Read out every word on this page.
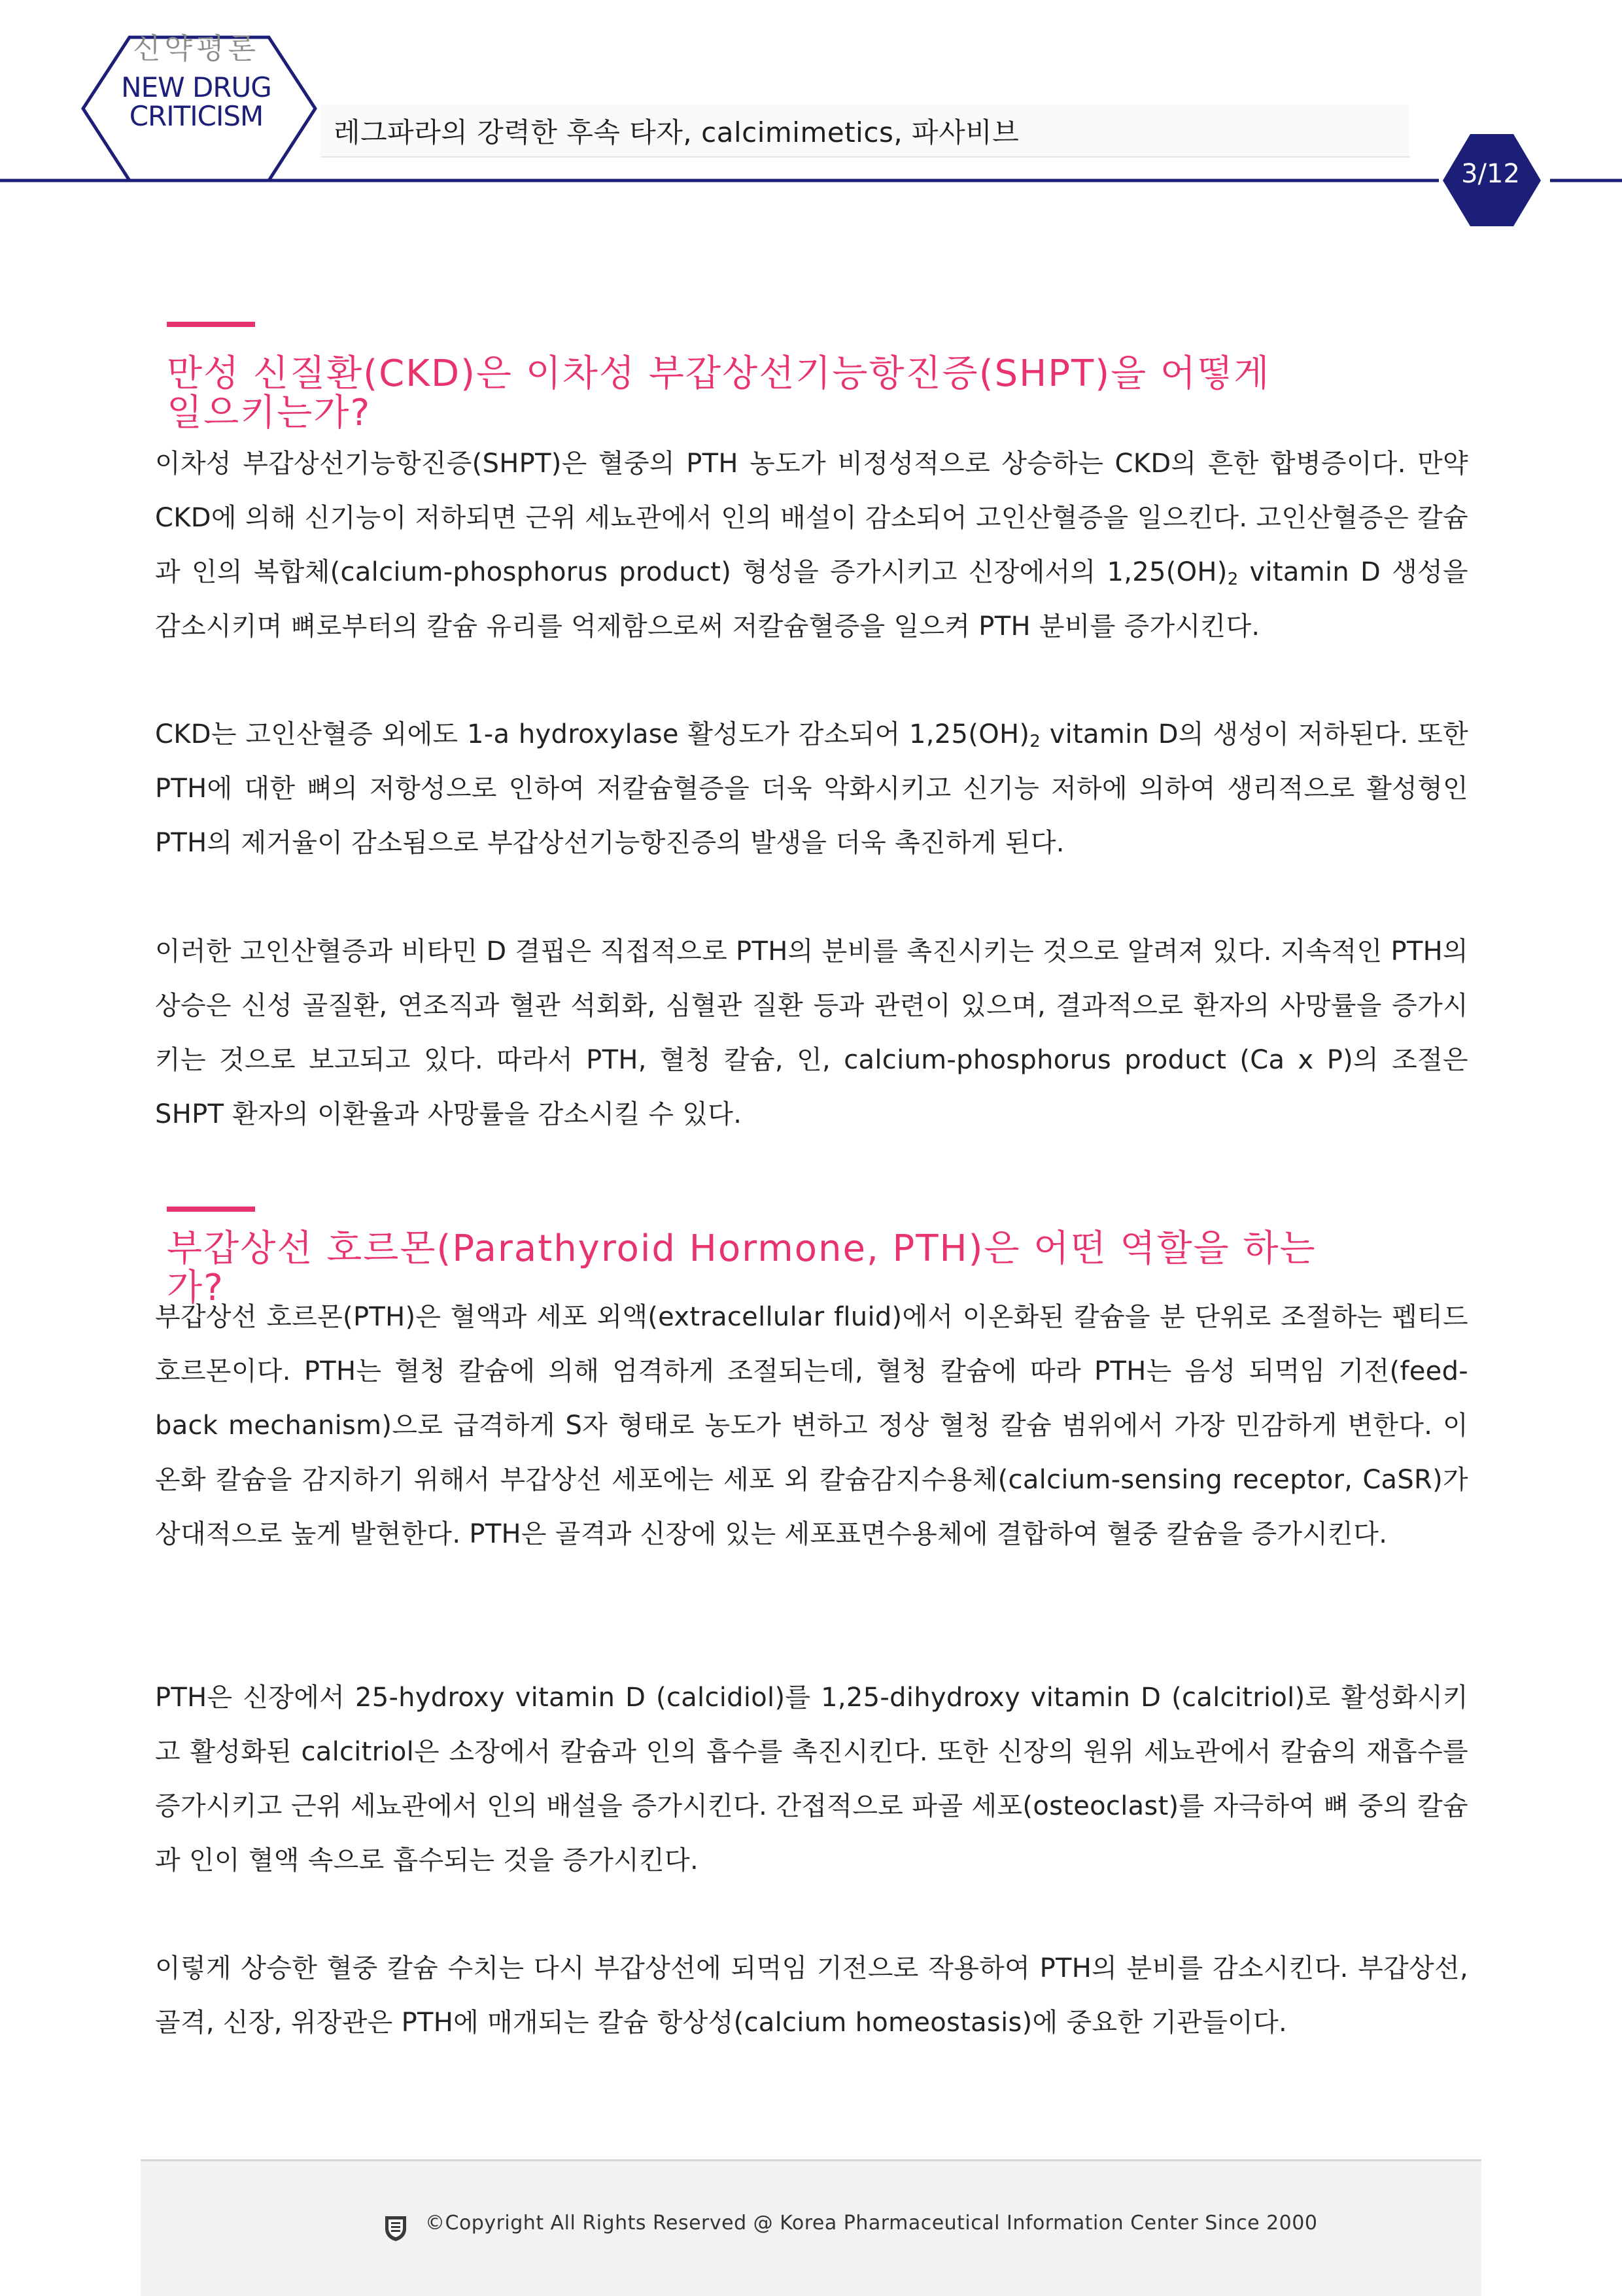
신약평론
NEW DRUG
CRITICISM
레그파라의 강력한 후속 타자, calcimimetics, 파사비브
3/12
만성 신질환(CKD)은 이차성 부갑상선기능항진증(SHPT)을 어떻게 일으키는가?

이차성 부갑상선기능항진증(SHPT)은 혈중의 PTH 농도가 비정성적으로 상승하는 CKD의 흔한 합병증이다. 만약 CKD에 의해 신기능이 저하되면 근위 세뇨관에서 인의 배설이 감소되어 고인산혈증을 일으킨다. 고인산혈증은 칼슘과 인의 복합체(calcium-phosphorus product) 형성을 증가시키고 신장에서의 $1,25(OH)_2$ vitamin D 생성을 감소시키며 뼈로부터의 칼슘 유리를 억제함으로써 저칼슘혈증을 일으켜 PTH 분비를 증가시킨다.

CKD는 고인산혈증 외에도 1-a hydroxylase 활성도가 감소되어 $1,25(OH)_2$ vitamin D의 생성이 저하된다. 또한 PTH에 대한 뼈의 저항성으로 인하여 저칼슘혈증을 더욱 악화시키고 신기능 저하에 의하여 생리적으로 활성형인 PTH의 제거율이 감소됨으로 부갑상선기능항진증의 발생을 더욱 촉진하게 된다.

이러한 고인산혈증과 비타민 D 결핍은 직접적으로 PTH의 분비를 촉진시키는 것으로 알려져 있다. 지속적인 PTH의 상승은 신성 골질환, 연조직과 혈관 석회화, 심혈관 질환 등과 관련이 있으며, 결과적으로 환자의 사망률을 증가시키는 것으로 보고되고 있다. 따라서 PTH, 혈청 칼슘, 인, calcium-phosphorus product (Ca x P)의 조절은 SHPT 환자의 이환율과 사망률을 감소시킬 수 있다.

부갑상선 호르몬(Parathyroid Hormone, PTH)은 어떤 역할을 하는가?

부갑상선 호르몬(PTH)은 혈액과 세포 외액(extracellular fluid)에서 이온화된 칼슘을 분 단위로 조절하는 펩티드 호르몬이다. PTH는 혈청 칼슘에 의해 엄격하게 조절되는데, 혈청 칼슘에 따라 PTH는 음성 되먹임 기전(feed-back mechanism)으로 급격하게 S자 형태로 농도가 변하고 정상 혈청 칼슘 범위에서 가장 민감하게 변한다. 이온화 칼슘을 감지하기 위해서 부갑상선 세포에는 세포 외 칼슘감지수용체(calcium-sensing receptor, CaSR)가 상대적으로 높게 발현한다. PTH은 골격과 신장에 있는 세포표면수용체에 결합하여 혈중 칼슘을 증가시킨다.

PTH은 신장에서 25-hydroxy vitamin D (calcidiol)를 1,25-dihydroxy vitamin D (calcitriol)로 활성화시키고 활성화된 calcitriol은 소장에서 칼슘과 인의 흡수를 촉진시킨다. 또한 신장의 원위 세뇨관에서 칼슘의 재흡수를 증가시키고 근위 세뇨관에서 인의 배설을 증가시킨다. 간접적으로 파골 세포(osteoclast)를 자극하여 뼈 중의 칼슘과 인이 혈액 속으로 흡수되는 것을 증가시킨다.

이렇게 상승한 혈중 칼슘 수치는 다시 부갑상선에 되먹임 기전으로 작용하여 PTH의 분비를 감소시킨다. 부갑상선, 골격, 신장, 위장관은 PTH에 매개되는 칼슘 항상성(calcium homeostasis)에 중요한 기관들이다.

©Copyright All Rights Reserved @ Korea Pharmaceutical Information Center Since 2000
